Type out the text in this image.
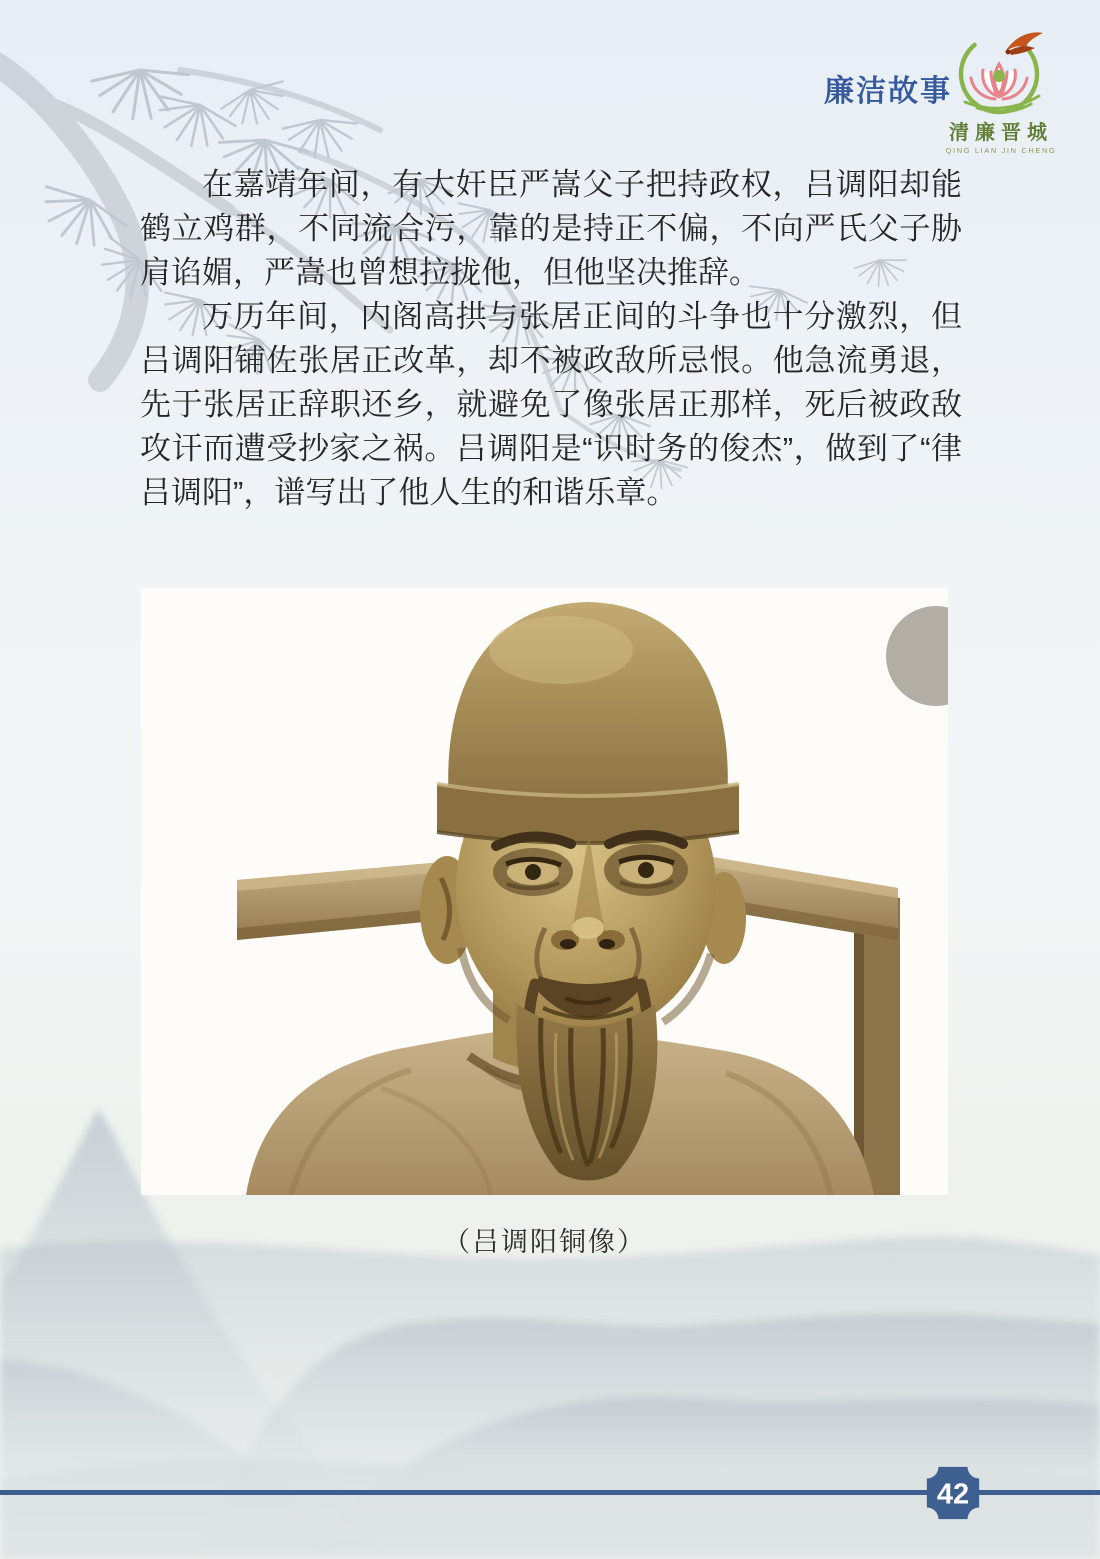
廉洁故事
清廉晋城
QING LIAN JIN CHENG

在嘉靖年间，有大奸臣严嵩父子把持政权，吕调阳却能鹤立鸡群，不同流合污，靠的是持正不偏，不向严氏父子胁肩谄媚，严嵩也曾想拉拢他，但他坚决推辞。

万历年间，内阁高拱与张居正间的斗争也十分激烈，但吕调阳铺佐张居正改革，却不被政敌所忌恨。他急流勇退，先于张居正辞职还乡，就避免了像张居正那样，死后被政敌攻讦而遭受抄家之祸。吕调阳是“识时务的俊杰”，做到了“律吕调阳”，谱写出了他人生的和谐乐章。

（吕调阳铜像）
42
